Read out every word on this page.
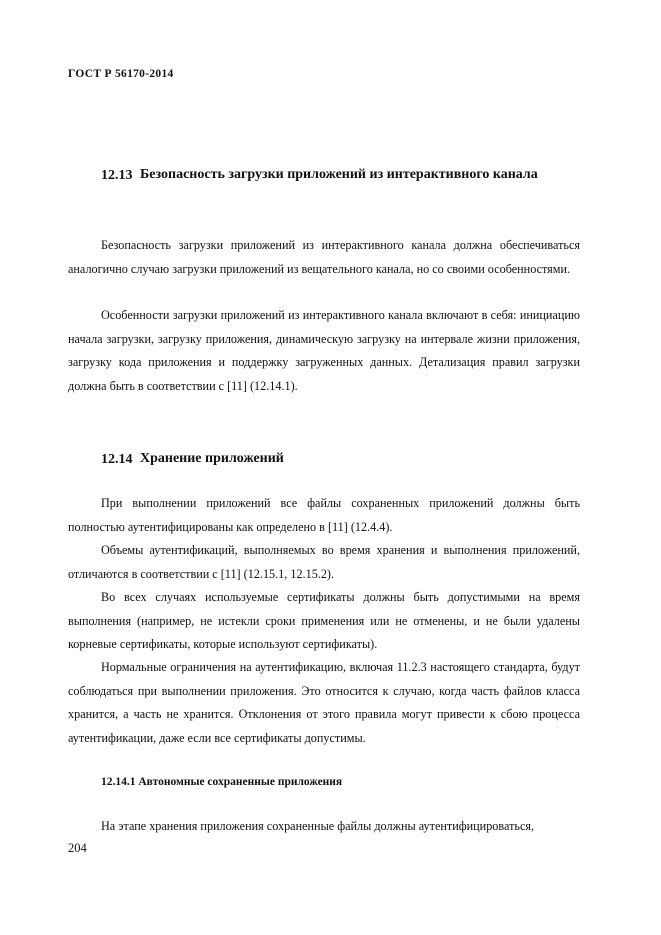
ГОСТ Р 56170-2014
12.13 Безопасность загрузки приложений из интерактивного канала
Безопасность загрузки приложений из интерактивного канала должна обеспечиваться аналогично случаю загрузки приложений из вещательного канала, но со своими особенностями.
Особенности загрузки приложений из интерактивного канала включают в себя: инициацию начала загрузки, загрузку приложения, динамическую загрузку на интервале жизни приложения, загрузку кода приложения и поддержку загруженных данных. Детализация правил загрузки должна быть в соответствии с [11] (12.14.1).
12.14 Хранение приложений
При выполнении приложений все файлы сохраненных приложений должны быть полностью аутентифицированы как определено в [11] (12.4.4).
Объемы аутентификаций, выполняемых во время хранения и выполнения приложений, отличаются в соответствии с [11] (12.15.1, 12.15.2).
Во всех случаях используемые сертификаты должны быть допустимыми на время выполнения (например, не истекли сроки применения или не отменены, и не были удалены корневые сертификаты, которые используют сертификаты).
Нормальные ограничения на аутентификацию, включая 11.2.3 настоящего стандарта, будут соблюдаться при выполнении приложения. Это относится к случаю, когда часть файлов класса хранится, а часть не хранится. Отклонения от этого правила могут привести к сбою процесса аутентификации, даже если все сертификаты допустимы.
12.14.1 Автономные сохраненные приложения
На этапе хранения приложения сохраненные файлы должны аутентифицироваться,
204
